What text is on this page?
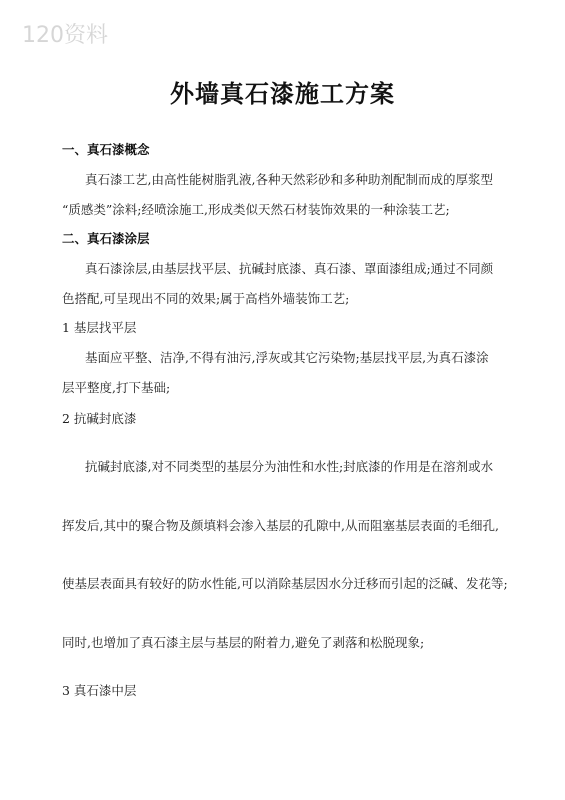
120资料
外墙真石漆施工方案
一、真石漆概念
真石漆工艺,由高性能树脂乳液,各种天然彩砂和多种助剂配制而成的厚浆型
“质感类”涂料;经喷涂施工,形成类似天然石材装饰效果的一种涂装工艺;
二、真石漆涂层
真石漆涂层,由基层找平层、抗碱封底漆、真石漆、罩面漆组成;通过不同颜
色搭配,可呈现出不同的效果;属于高档外墙装饰工艺;
1 基层找平层
基面应平整、洁净,不得有油污,浮灰或其它污染物;基层找平层,为真石漆涂
层平整度,打下基础;
2 抗碱封底漆
抗碱封底漆,对不同类型的基层分为油性和水性;封底漆的作用是在溶剂或水
挥发后,其中的聚合物及颜填料会渗入基层的孔隙中,从而阻塞基层表面的毛细孔,
使基层表面具有较好的防水性能,可以消除基层因水分迁移而引起的泛碱、发花等;
同时,也增加了真石漆主层与基层的附着力,避免了剥落和松脱现象;
3 真石漆中层
